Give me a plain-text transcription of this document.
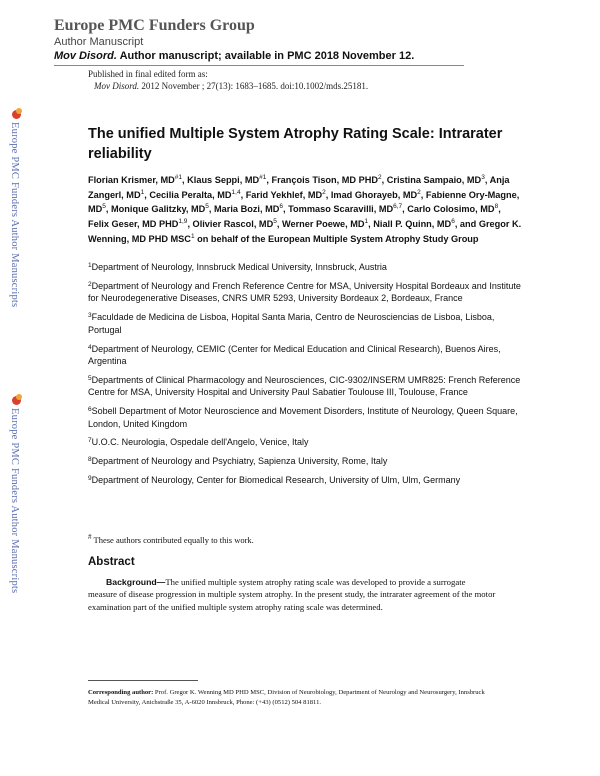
Europe PMC Funders Author Manuscripts
Europe PMC Funders Author Manuscripts
Europe PMC Funders Group
Author Manuscript
Mov Disord. Author manuscript; available in PMC 2018 November 12.
Published in final edited form as:
Mov Disord. 2012 November ; 27(13): 1683–1685. doi:10.1002/mds.25181.
The unified Multiple System Atrophy Rating Scale: Intrarater reliability
Florian Krismer, MD$^{\#1}$, Klaus Seppi, MD$^{\#1}$, François Tison, MD PHD$^2$, Cristina Sampaio, $MD^3$, Anja Zangerl, $MD^1$, Cecilia Peralta, MD$^{1,4}$, Farid Yekhlef, $MD^2$, Imad Ghorayeb, $MD^2$, Fabienne Ory-Magne, $MD^5$, Monique Galitzky, $MD^5$, Maria Bozi, $MD^6$, Tommaso Scaravilli, MD$^{6,7}$, Carlo Colosimo, $MD^8$, Felix Geser, MD PHD$^{1,9}$, Olivier Rascol, $MD^5$, Werner Poewe, $MD^1$, Niall P. Quinn, $MD^6$, and Gregor K. Wenning, MD PHD MSC$^1$ on behalf of the European Multiple System Atrophy Study Group
$^1$Department of Neurology, Innsbruck Medical University, Innsbruck, Austria
$^2$Department of Neurology and French Reference Centre for MSA, University Hospital Bordeaux and Institute for Neurodegenerative Diseases, CNRS UMR 5293, University Bordeaux 2, Bordeaux, France
$^3$Faculdade de Medicina de Lisboa, Hopital Santa Maria, Centro de Neurosciencias de Lisboa, Lisboa, Portugal
$^4$Department of Neurology, CEMIC (Center for Medical Education and Clinical Research), Buenos Aires, Argentina
$^5$Departments of Clinical Pharmacology and Neurosciences, CIC-9302/INSERM UMR825: French Reference Centre for MSA, University Hospital and University Paul Sabatier Toulouse III, Toulouse, France
$^6$Sobell Department of Motor Neuroscience and Movement Disorders, Institute of Neurology, Queen Square, London, United Kingdom
$^7$U.O.C. Neurologia, Ospedale dell'Angelo, Venice, Italy
$^8$Department of Neurology and Psychiatry, Sapienza University, Rome, Italy
$^9$Department of Neurology, Center for Biomedical Research, University of Ulm, Ulm, Germany
# These authors contributed equally to this work.
Abstract
Background—The unified multiple system atrophy rating scale was developed to provide a surrogate measure of disease progression in multiple system atrophy. In the present study, the intrarater agreement of the motor examination part of the unified multiple system atrophy rating scale was determined.
Corresponding author: Prof. Gregor K. Wenning MD PHD MSC, Division of Neurobiology, Department of Neurology and Neurosurgery, Innsbruck Medical University, Anichstraße 35, A-6020 Innsbruck, Phone: (+43) (0512) 504 81811.
